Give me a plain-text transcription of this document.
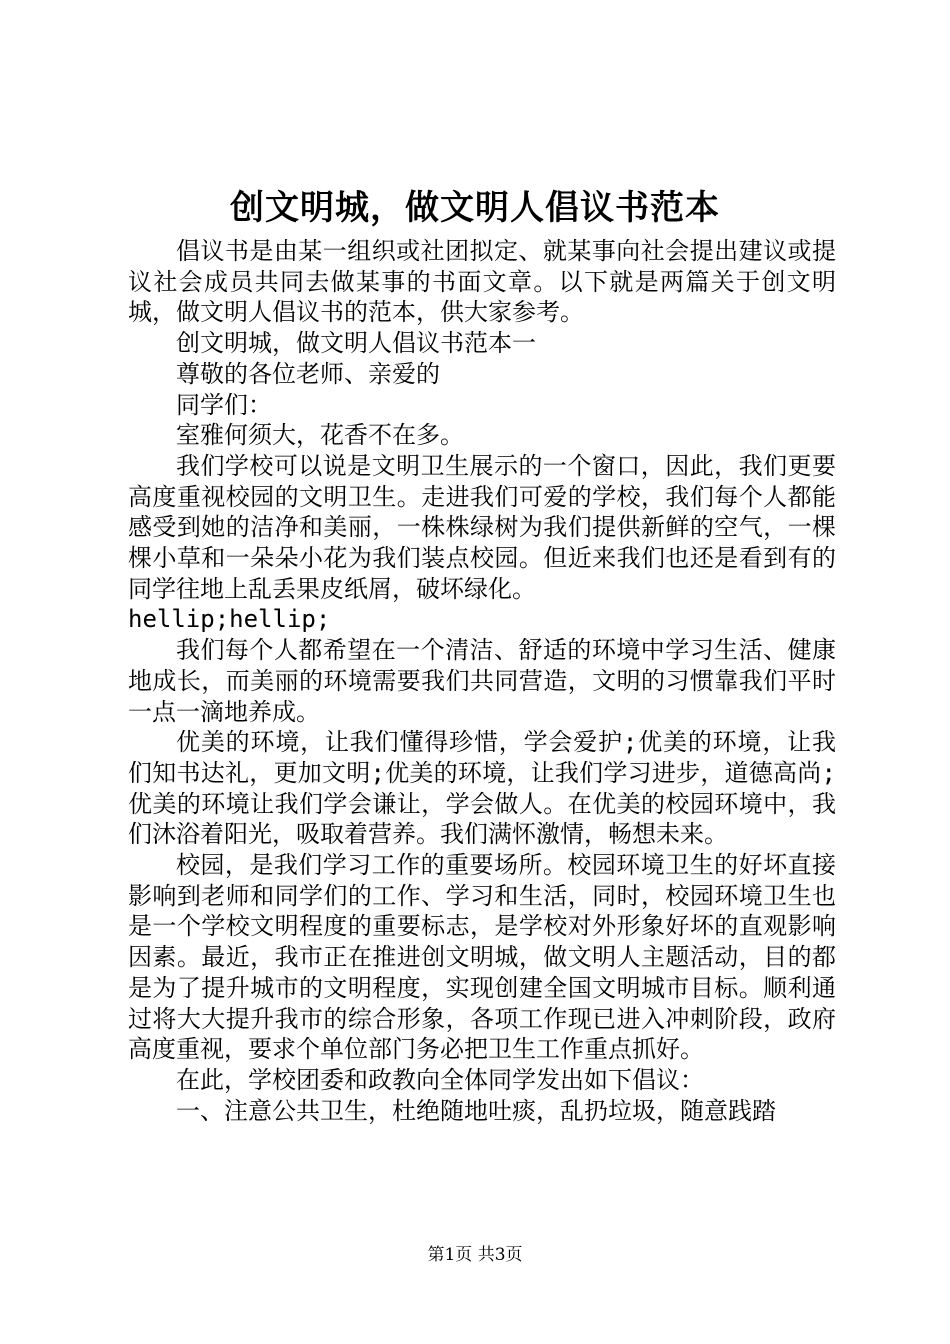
创文明城，做文明人倡议书范本

倡议书是由某一组织或社团拟定、就某事向社会提出建议或提议社会成员共同去做某事的书面文章。以下就是两篇关于创文明城，做文明人倡议书的范本，供大家参考。

创文明城，做文明人倡议书范本一

尊敬的各位老师、亲爱的

同学们：

室雅何须大，花香不在多。

我们学校可以说是文明卫生展示的一个窗口，因此，我们更要高度重视校园的文明卫生。走进我们可爱的学校，我们每个人都能感受到她的洁净和美丽，一株株绿树为我们提供新鲜的空气，一棵棵小草和一朵朵小花为我们装点校园。但近来我们也还是看到有的同学往地上乱丢果皮纸屑，破坏绿化。

hellip;hellip;

我们每个人都希望在一个清洁、舒适的环境中学习生活、健康地成长，而美丽的环境需要我们共同营造，文明的习惯靠我们平时一点一滴地养成。

优美的环境，让我们懂得珍惜，学会爱护;优美的环境，让我们知书达礼，更加文明;优美的环境，让我们学习进步，道德高尚;优美的环境让我们学会谦让，学会做人。在优美的校园环境中，我们沐浴着阳光，吸取着营养。我们满怀激情，畅想未来。

校园，是我们学习工作的重要场所。校园环境卫生的好坏直接影响到老师和同学们的工作、学习和生活，同时，校园环境卫生也是一个学校文明程度的重要标志，是学校对外形象好坏的直观影响因素。最近，我市正在推进创文明城，做文明人主题活动，目的都是为了提升城市的文明程度，实现创建全国文明城市目标。顺利通过将大大提升我市的综合形象，各项工作现已进入冲刺阶段，政府高度重视，要求个单位部门务必把卫生工作重点抓好。

在此，学校团委和政教向全体同学发出如下倡议：

一、注意公共卫生，杜绝随地吐痰，乱扔垃圾，随意践踏

第1页 共3页
